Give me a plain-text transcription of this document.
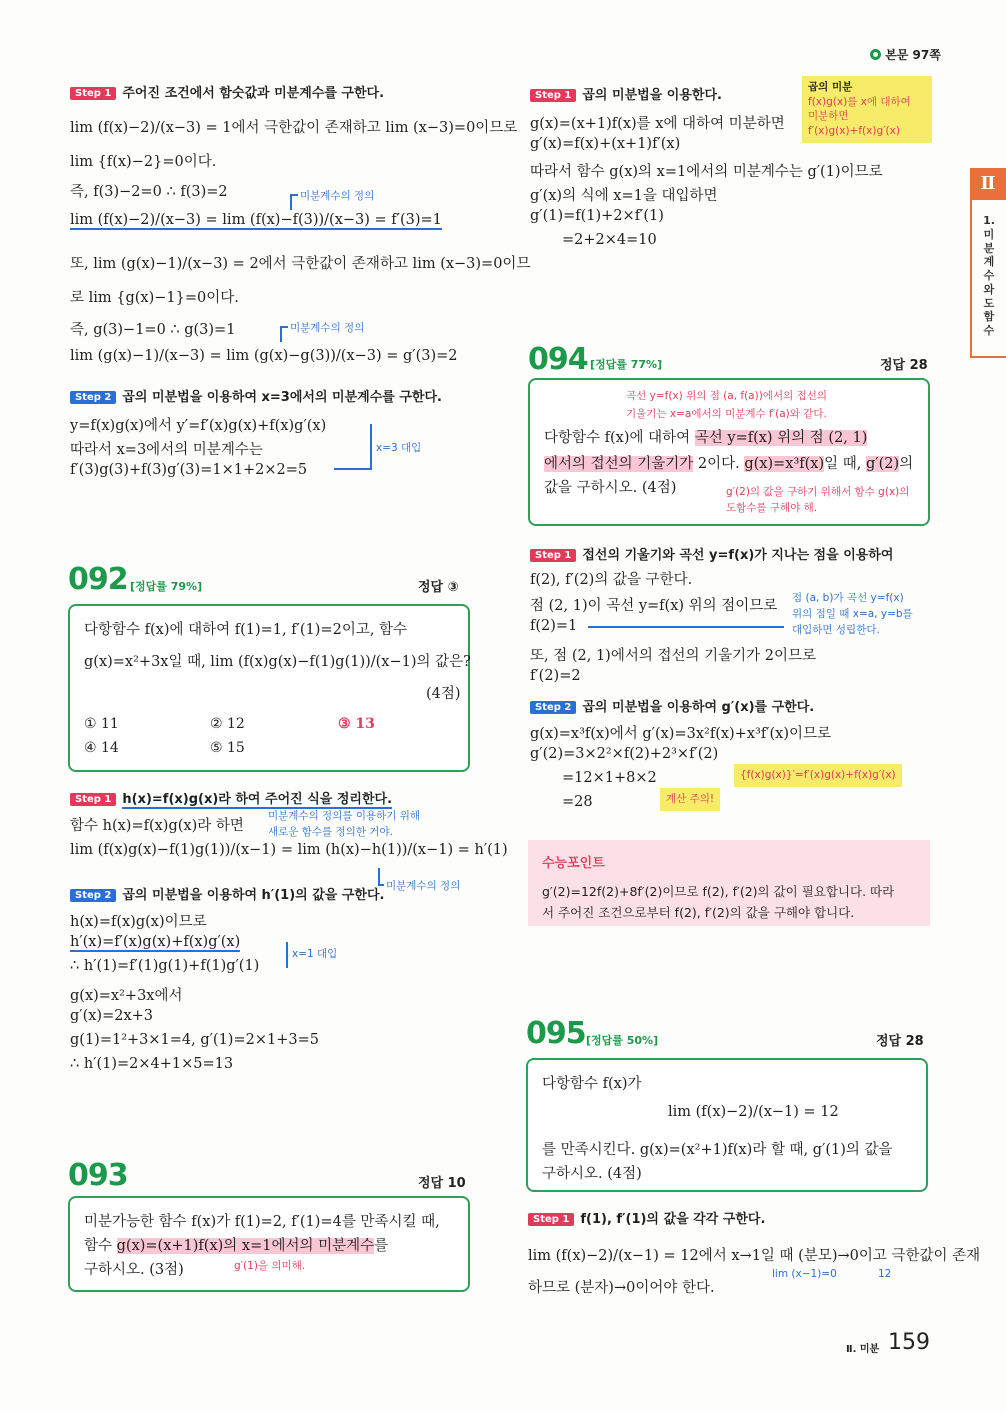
본문 97쪽
Ⅱ
1. 미분계수와 도함수
Step 1 주어진 조건에서 함숫값과 미분계수를 구한다.
lim (f(x)−2)/(x−3) = 1에서 극한값이 존재하고 lim (x−3)=0이므로
lim {f(x)−2}=0이다.
즉, f(3)−2=0 ∴ f(3)=2	미분계수의 정의
lim (f(x)−2)/(x−3) = lim (f(x)−f(3))/(x−3) = f′(3)=1
또, lim (g(x)−1)/(x−3) = 2에서 극한값이 존재하고 lim (x−3)=0이므
로 lim {g(x)−1}=0이다.
즉, g(3)−1=0 ∴ g(3)=1	미분계수의 정의
lim (g(x)−1)/(x−3) = lim (g(x)−g(3))/(x−3) = g′(3)=2
Step 2 곱의 미분법을 이용하여 x=3에서의 미분계수를 구한다.
y=f(x)g(x)에서 y′=f′(x)g(x)+f(x)g′(x)
따라서 x=3에서의 미분계수는	x=3 대입
f′(3)g(3)+f(3)g′(3)=1×1+2×2=5
092 [정답률 79%]	정답 ③
다항함수 f(x)에 대하여 f(1)=1, f′(1)=2이고, 함수
g(x)=x²+3x일 때, lim (f(x)g(x)−f(1)g(1))/(x−1)의 값은?
(4점)
① 11	② 12	③ 13
④ 14	⑤ 15
Step 1 h(x)=f(x)g(x)라 하여 주어진 식을 정리한다.
함수 h(x)=f(x)g(x)라 하면
미분계수의 정의를 이용하기 위해
새로운 함수를 정의한 거야.
lim (f(x)g(x)−f(1)g(1))/(x−1) = lim (h(x)−h(1))/(x−1) = h′(1)
미분계수의 정의
Step 2 곱의 미분법을 이용하여 h′(1)의 값을 구한다.
h(x)=f(x)g(x)이므로
h′(x)=f′(x)g(x)+f(x)g′(x)
x=1 대입
∴ h′(1)=f′(1)g(1)+f(1)g′(1)
g(x)=x²+3x에서
g′(x)=2x+3
g(1)=1²+3×1=4, g′(1)=2×1+3=5
∴ h′(1)=2×4+1×5=13
093	정답 10
미분가능한 함수 f(x)가 f(1)=2, f′(1)=4를 만족시킬 때,
함수 g(x)=(x+1)f(x)의 x=1에서의 미분계수를
구하시오. (3점)	g′(1)을 의미해.
Step 1 곱의 미분법을 이용한다.
곱의 미분
f(x)g(x)를 x에 대하여
미분하면
f′(x)g(x)+f(x)g′(x)
g(x)=(x+1)f(x)를 x에 대하여 미분하면
g′(x)=f(x)+(x+1)f′(x)
따라서 함수 g(x)의 x=1에서의 미분계수는 g′(1)이므로
g′(x)의 식에 x=1을 대입하면
g′(1)=f(1)+2×f′(1)
=2+2×4=10
094 [정답률 77%]	정답 28
곡선 y=f(x) 위의 점 (a, f(a))에서의 접선의
기울기는 x=a에서의 미분계수 f′(a)와 같다.
다항함수 f(x)에 대하여 곡선 y=f(x) 위의 점 (2, 1)
에서의 접선의 기울기가 2이다. g(x)=x³f(x)일 때, g′(2)의
값을 구하시오. (4점)	g′(2)의 값을 구하기 위해서 함수 g(x)의
도함수를 구해야 해.
Step 1 접선의 기울기와 곡선 y=f(x)가 지나는 점을 이용하여
f(2), f′(2)의 값을 구한다.
점 (2, 1)이 곡선 y=f(x) 위의 점이므로 점 (a, b)가 곡선 y=f(x)
위의 점일 때 x=a, y=b를
대입하면 성립한다.
f(2)=1
또, 점 (2, 1)에서의 접선의 기울기가 2이므로
f′(2)=2
Step 2 곱의 미분법을 이용하여 g′(x)를 구한다.
g(x)=x³f(x)에서 g′(x)=3x²f(x)+x³f′(x)이므로
g′(2)=3×2²×f(2)+2³×f′(2)
{f(x)g(x)}′=f′(x)g(x)+f(x)g′(x)
=12×1+8×2
계산 주의!
=28
수능포인트
g′(2)=12f(2)+8f′(2)이므로 f(2), f′(2)의 값이 필요합니다. 따라
서 주어진 조건으로부터 f(2), f′(2)의 값을 구해야 합니다.
095 [정답률 50%]	정답 28
다항함수 f(x)가
lim (f(x)−2)/(x−1) = 12
를 만족시킨다. g(x)=(x²+1)f(x)라 할 때, g′(1)의 값을
구하시오. (4점)
Step 1 f(1), f′(1)의 값을 각각 구한다.
lim (f(x)−2)/(x−1) = 12에서 x→1일 때 (분모)→0이고 극한값이 존재
lim (x−1)=0	12
하므로 (분자)→0이어야 한다.
Ⅱ. 미분 159
